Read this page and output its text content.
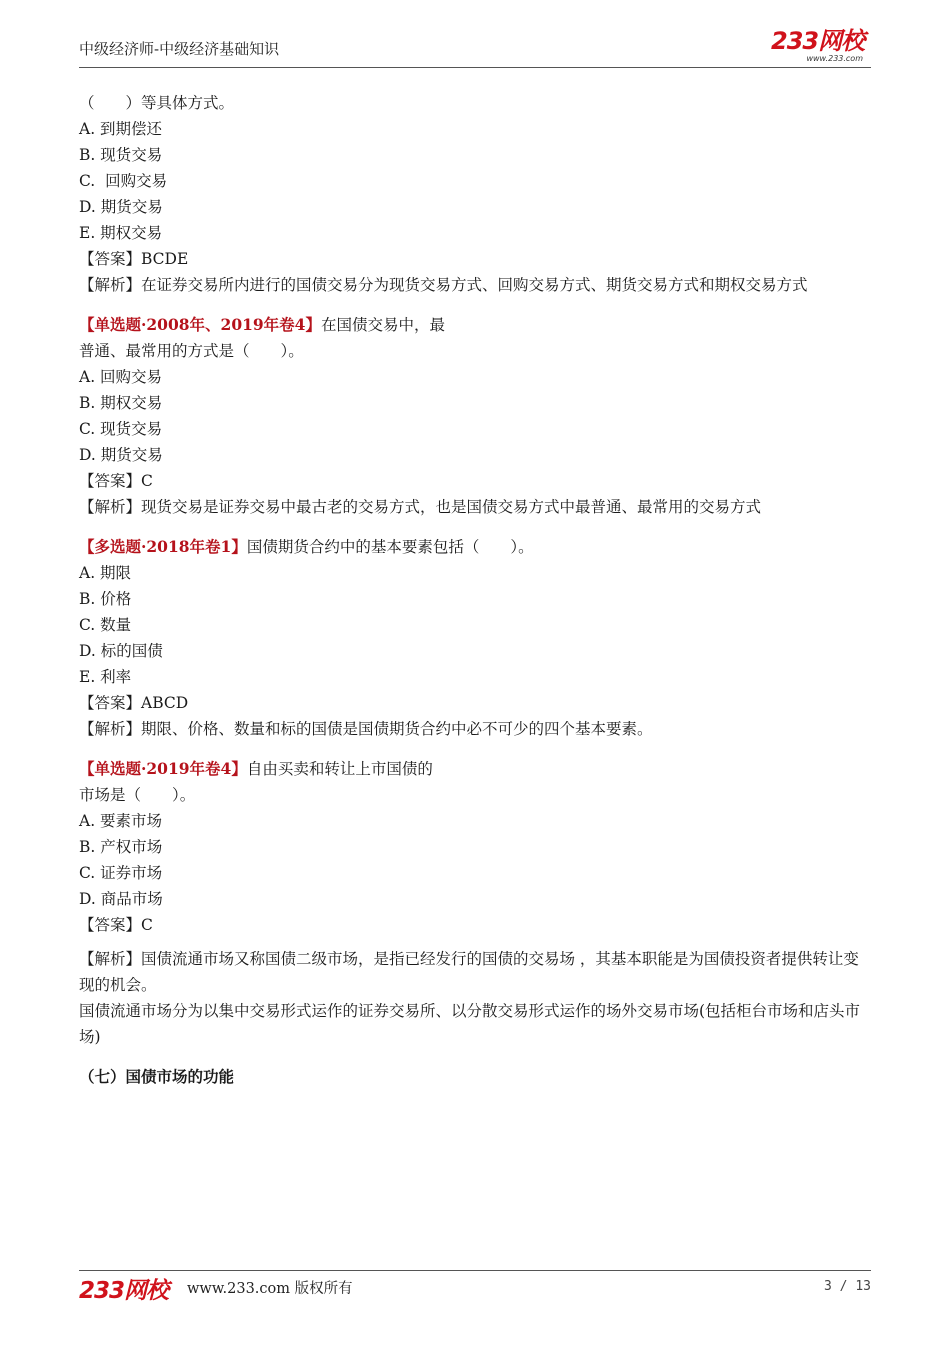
中级经济师-中级经济基础知识	233网校
www.233.com
（　　）等具体方式。
A. 到期偿还
B. 现货交易
C.  回购交易
D. 期货交易
E. 期权交易
【答案】BCDE
【解析】在证券交易所内进行的国债交易分为现货交易方式、回购交易方式、期货交易方式和期权交易方式
【单选题·2008年、2019年卷4】在国债交易中，最
普通、最常用的方式是（　　）。
A. 回购交易
B. 期权交易
C. 现货交易
D. 期货交易
【答案】C
【解析】现货交易是证券交易中最古老的交易方式，也是国债交易方式中最普通、最常用的交易方式
【多选题·2018年卷1】国债期货合约中的基本要素包括（　　）。
A. 期限
B. 价格
C. 数量
D. 标的国债
E. 利率
【答案】ABCD
【解析】期限、价格、数量和标的国债是国债期货合约中必不可少的四个基本要素。
【单选题·2019年卷4】自由买卖和转让上市国债的
市场是（　　）。
A. 要素市场
B. 产权市场
C. 证券市场
D. 商品市场
【答案】C
【解析】国债流通市场又称国债二级市场，是指已经发行的国债的交易场 ，其基本职能是为国债投资者提供转让变现的机会。
国债流通市场分为以集中交易形式运作的证券交易所、以分散交易形式运作的场外交易市场(包括柜台市场和店头市场)
（七）国债市场的功能
233网校 www.233.com 版权所有	3 / 13
